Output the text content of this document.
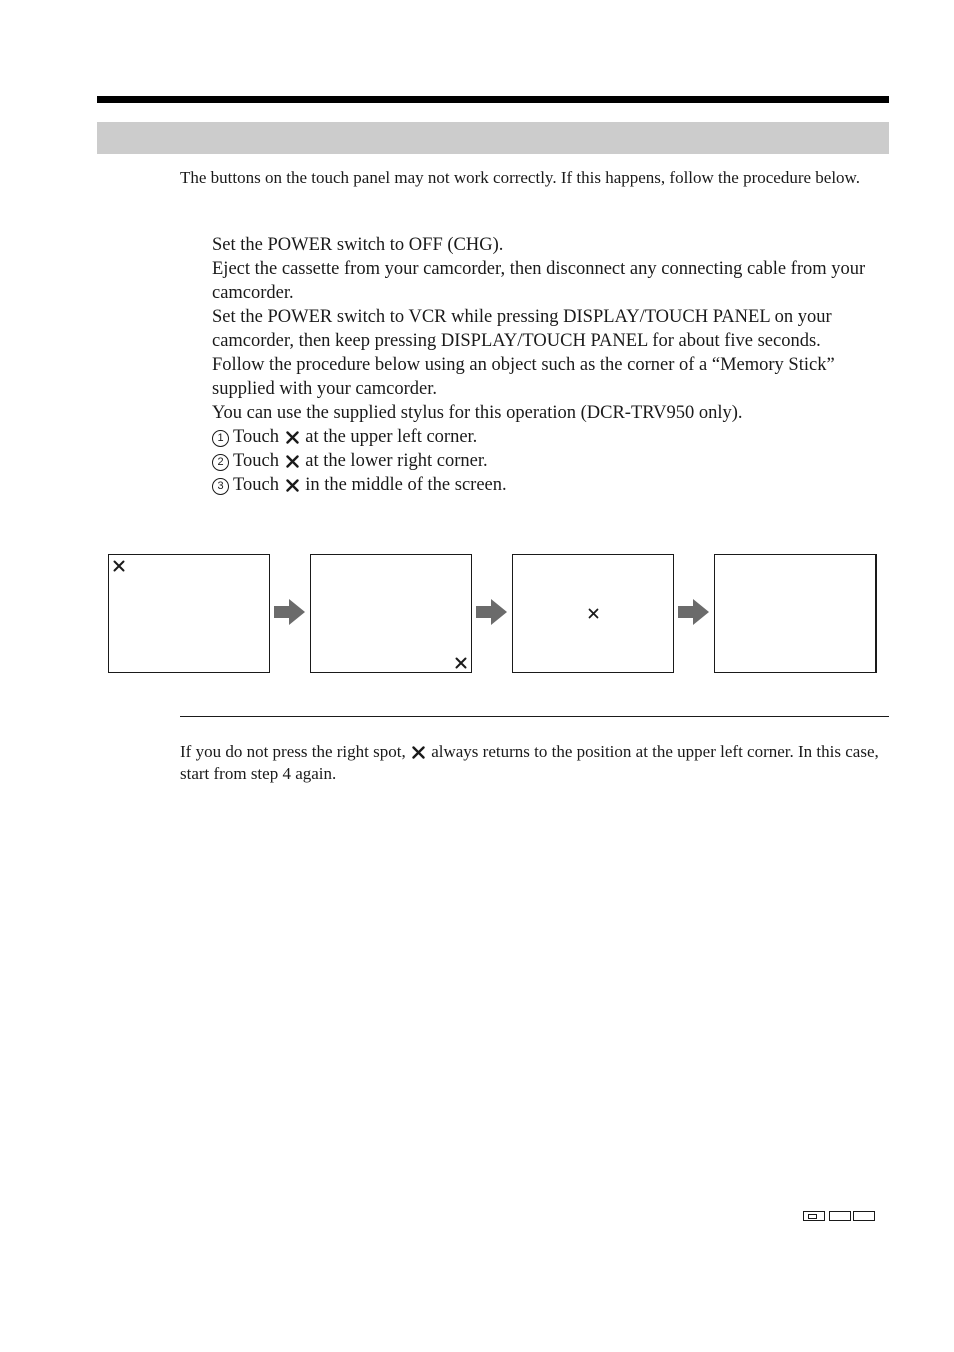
The buttons on the touch panel may not work correctly. If this happens, follow the procedure below.

Set the POWER switch to OFF (CHG).

Eject the cassette from your camcorder, then disconnect any connecting cable from your camcorder.

Set the POWER switch to VCR while pressing DISPLAY/TOUCH PANEL on your camcorder, then keep pressing DISPLAY/TOUCH PANEL for about five seconds.

Follow the procedure below using an object such as the corner of a “Memory Stick” supplied with your camcorder.

You can use the supplied stylus for this operation (DCR-TRV950 only).

1 Touch at the upper left corner.

2 Touch at the lower right corner.

3 Touch in the middle of the screen.

If you do not press the right spot, always returns to the position at the upper left corner. In this case, start from step 4 again.
